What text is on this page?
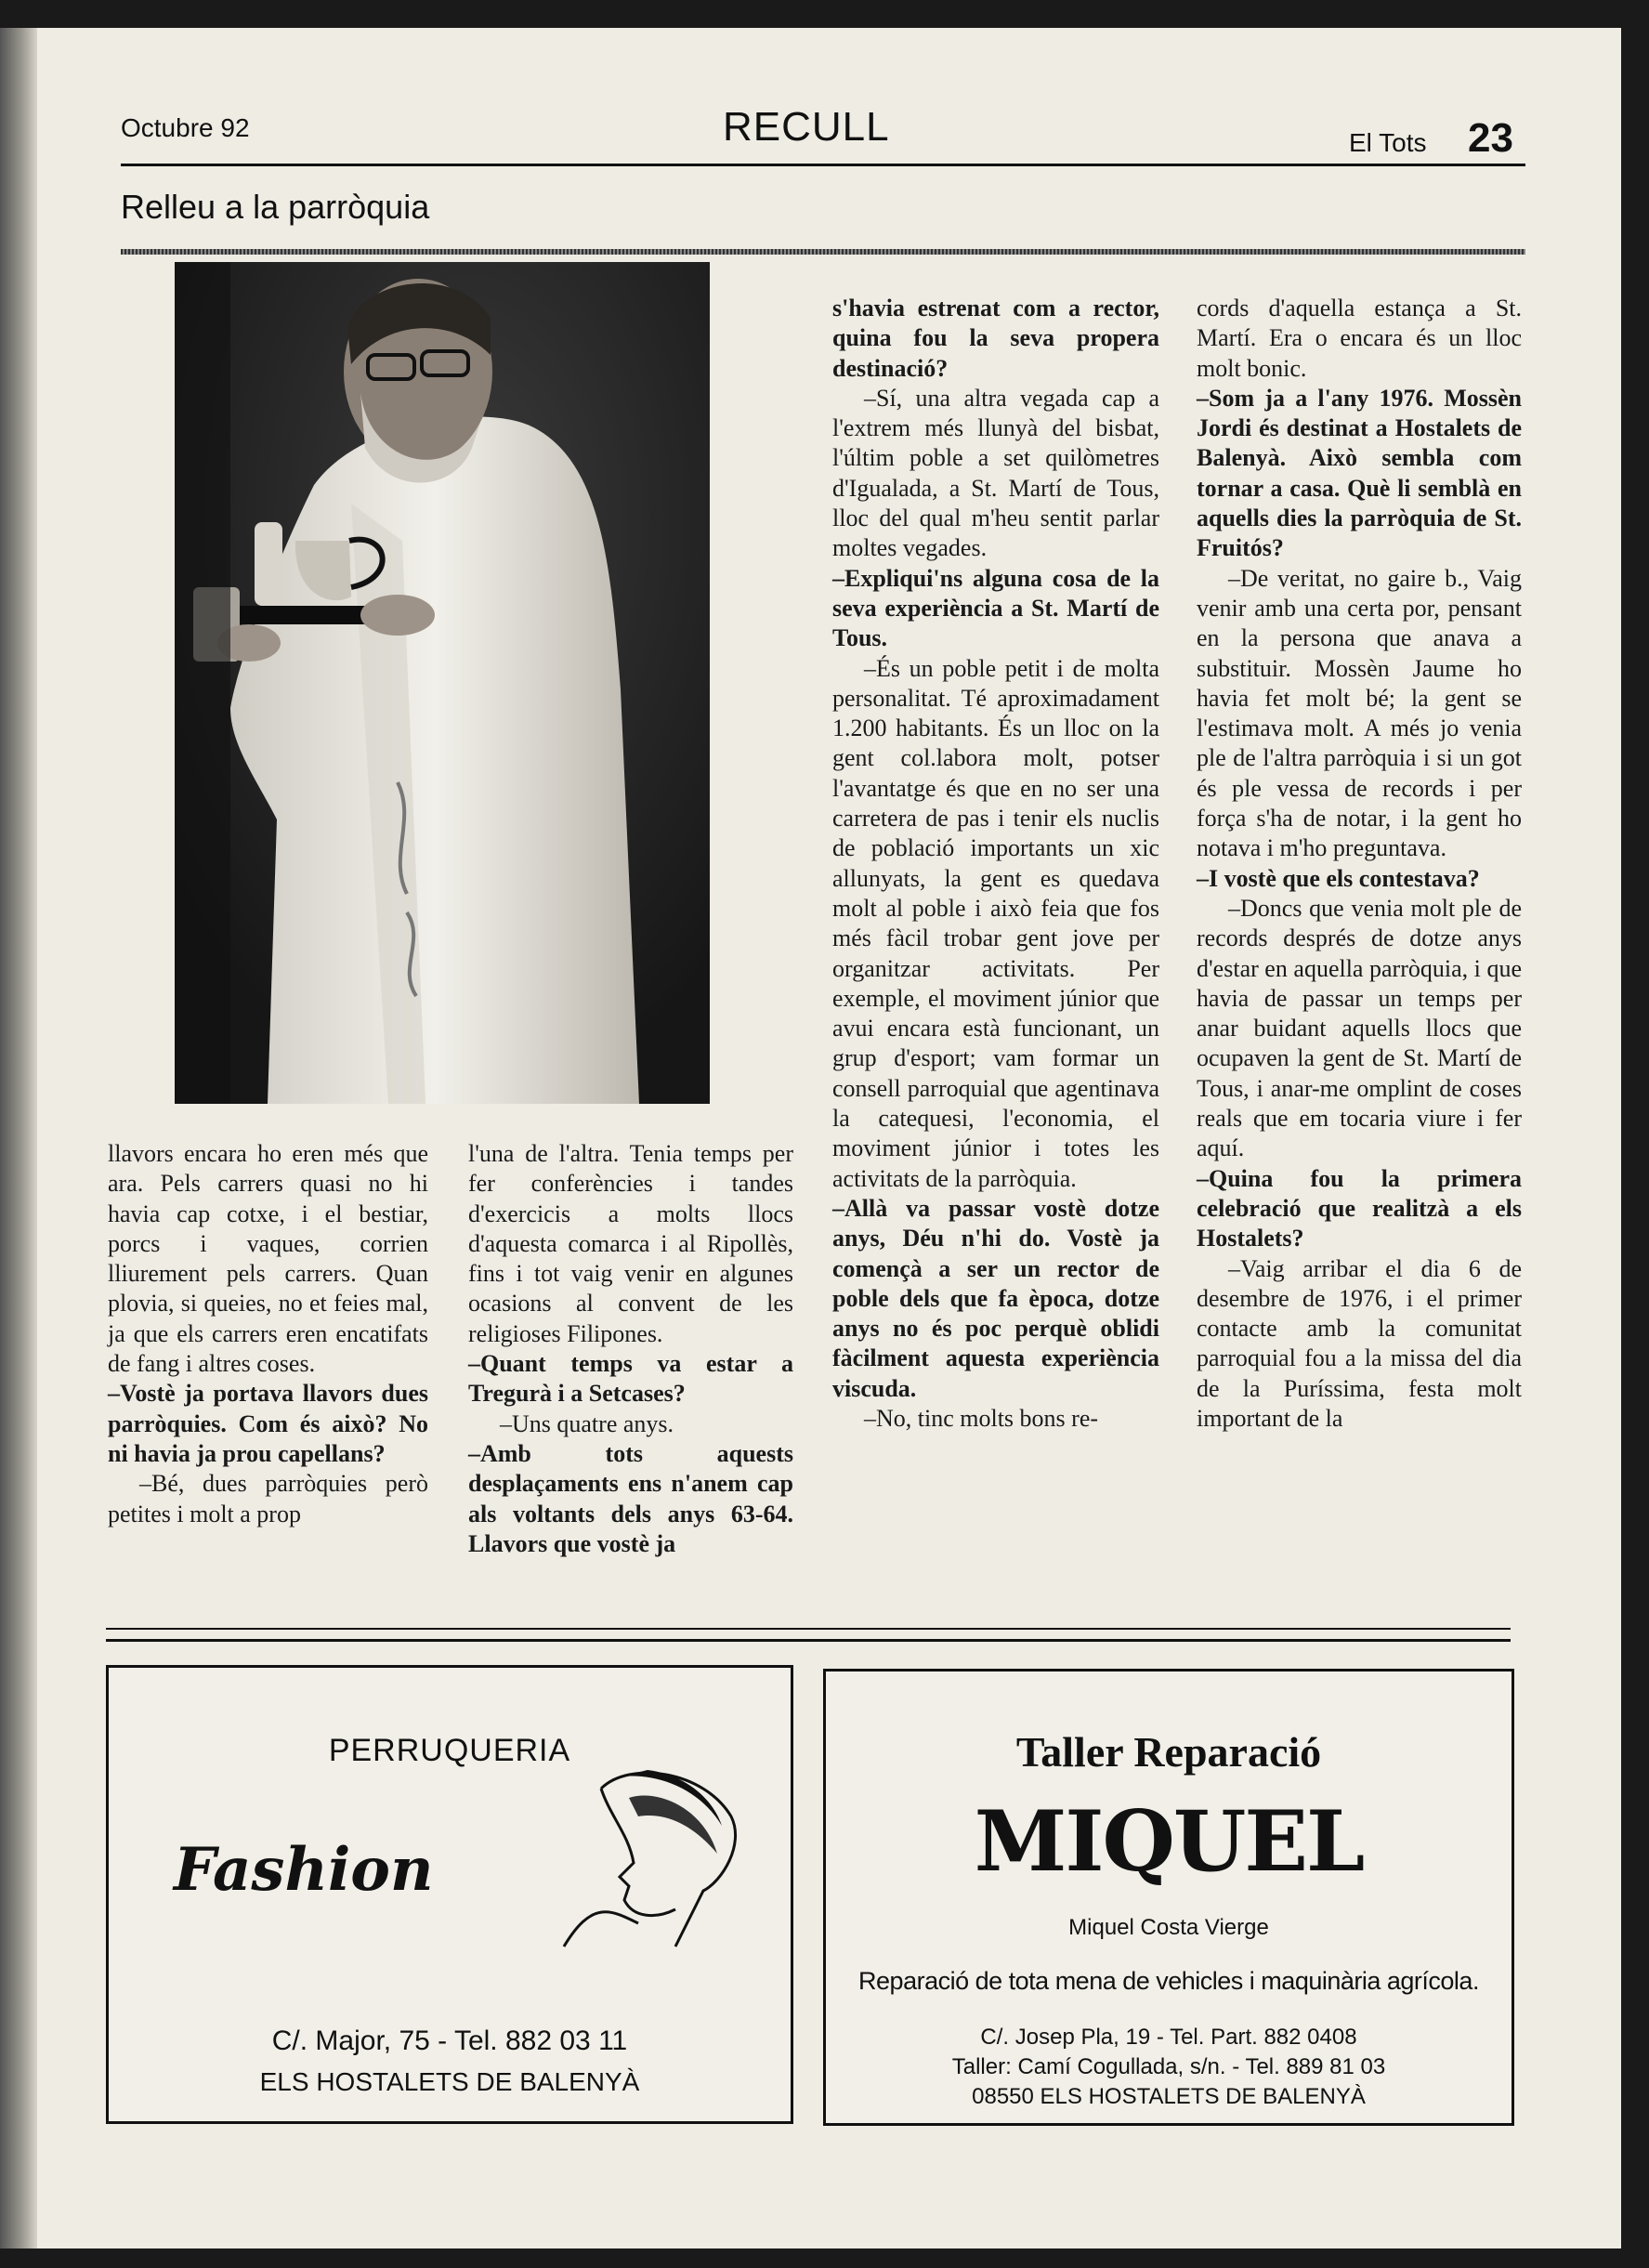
Octubre 92	RECULL	El Tots 23
Relleu a la parròquia

llavors encara ho eren més que ara. Pels carrers quasi no hi havia cap cotxe, i el bestiar, porcs i vaques, corrien lliurement pels carrers. Quan plovia, si queies, no et feies mal, ja que els carrers eren encatifats de fang i altres coses.

–Vostè ja portava llavors dues parròquies. Com és això? No ni havia ja prou capellans?

–Bé, dues parròquies però petites i molt a prop

l'una de l'altra. Tenia temps per fer conferències i tandes d'exercicis a molts llocs d'aquesta comarca i al Ripollès, fins i tot vaig venir en algunes ocasions al convent de les religioses Filipones.

–Quant temps va estar a Tregurà i a Setcases?

–Uns quatre anys.

–Amb tots aquests desplaçaments ens n'anem cap als voltants dels anys 63-64. Llavors que vostè ja

s'havia estrenat com a rector, quina fou la seva propera destinació?

–Sí, una altra vegada cap a l'extrem més llunyà del bisbat, l'últim poble a set quilòmetres d'Igualada, a St. Martí de Tous, lloc del qual m'heu sentit parlar moltes vegades.

–Expliqui'ns alguna cosa de la seva experiència a St. Martí de Tous.

–És un poble petit i de molta personalitat. Té aproximadament 1.200 habitants. És un lloc on la gent col.labora molt, potser l'avantatge és que en no ser una carretera de pas i tenir els nuclis de població importants un xic allunyats, la gent es quedava molt al poble i això feia que fos més fàcil trobar gent jove per organitzar activitats. Per exemple, el moviment júnior que avui encara està funcionant, un grup d'esport; vam formar un consell parroquial que agentinava la catequesi, l'economia, el moviment júnior i totes les activitats de la parròquia.

–Allà va passar vostè dotze anys, Déu n'hi do. Vostè ja començà a ser un rector de poble dels que fa època, dotze anys no és poc perquè oblidi fàcilment aquesta experiència viscuda.

–No, tinc molts bons re-

cords d'aquella estança a St. Martí. Era o encara és un lloc molt bonic.

–Som ja a l'any 1976. Mossèn Jordi és destinat a Hostalets de Balenyà. Això sembla com tornar a casa. Què li semblà en aquells dies la parròquia de St. Fruitós?

–De veritat, no gaire b., Vaig venir amb una certa por, pensant en la persona que anava a substituir. Mossèn Jaume ho havia fet molt bé; la gent se l'estimava molt. A més jo venia ple de l'altra parròquia i si un got és ple vessa de records i per força s'ha de notar, i la gent ho notava i m'ho preguntava.

–I vostè que els contestava?

–Doncs que venia molt ple de records després de dotze anys d'estar en aquella parròquia, i que havia de passar un temps per anar buidant aquells llocs que ocupaven la gent de St. Martí de Tous, i anar-me omplint de coses reals que em tocaria viure i fer aquí.

–Quina fou la primera celebració que realitzà a els Hostalets?

–Vaig arribar el dia 6 de desembre de 1976, i el primer contacte amb la comunitat parroquial fou a la missa del dia de la Puríssima, festa molt important de la

PERRUQUERIA
Fashion
C/. Major, 75 - Tel. 882 03 11
ELS HOSTALETS DE BALENYÀ
Taller Reparació
MIQUEL
Miquel Costa Vierge
Reparació de tota mena de vehicles i maquinària agrícola.
C/. Josep Pla, 19 - Tel. Part. 882 0408
Taller: Camí Cogullada, s/n. - Tel. 889 81 03
08550 ELS HOSTALETS DE BALENYÀ
